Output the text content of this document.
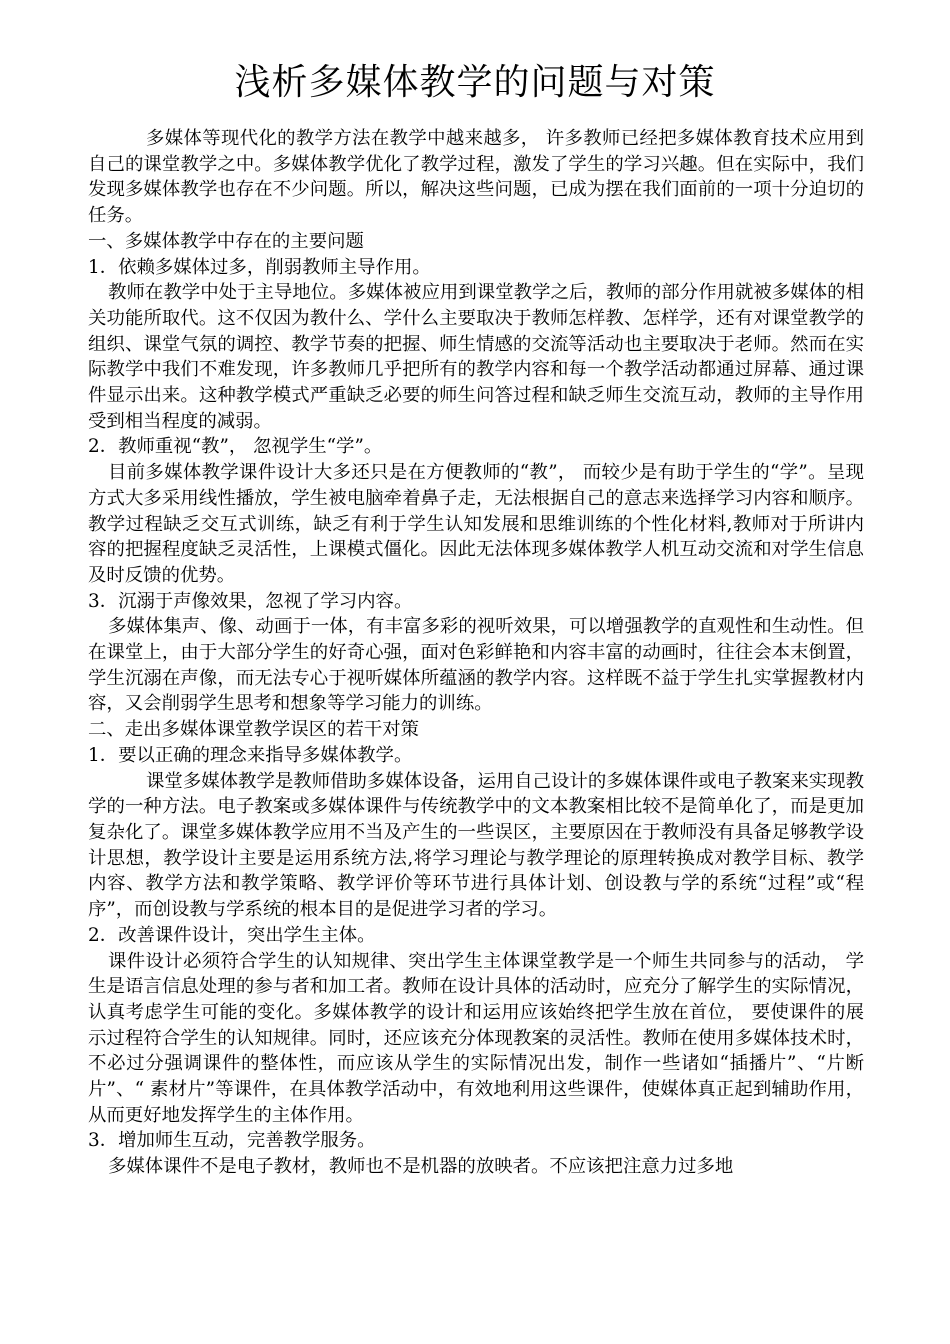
浅析多媒体教学的问题与对策

多媒体等现代化的教学方法在教学中越来越多， 许多教师已经把多媒体教育技术应用到自己的课堂教学之中。多媒体教学优化了教学过程，激发了学生的学习兴趣。但在实际中，我们发现多媒体教学也存在不少问题。所以，解决这些问题，已成为摆在我们面前的一项十分迫切的任务。

一、多媒体教学中存在的主要问题

1．依赖多媒体过多，削弱教师主导作用。

教师在教学中处于主导地位。多媒体被应用到课堂教学之后，教师的部分作用就被多媒体的相关功能所取代。这不仅因为教什么、学什么主要取决于教师怎样教、怎样学，还有对课堂教学的组织、课堂气氛的调控、教学节奏的把握、师生情感的交流等活动也主要取决于老师。然而在实际教学中我们不难发现，许多教师几乎把所有的教学内容和每一个教学活动都通过屏幕、通过课件显示出来。这种教学模式严重缺乏必要的师生问答过程和缺乏师生交流互动，教师的主导作用受到相当程度的减弱。

2．教师重视“教”， 忽视学生“学”。

目前多媒体教学课件设计大多还只是在方便教师的“教”， 而较少是有助于学生的“学”。呈现方式大多采用线性播放，学生被电脑牵着鼻子走，无法根据自己的意志来选择学习内容和顺序。教学过程缺乏交互式训练，缺乏有利于学生认知发展和思维训练的个性化材料,教师对于所讲内容的把握程度缺乏灵活性，上课模式僵化。因此无法体现多媒体教学人机互动交流和对学生信息及时反馈的优势。

3．沉溺于声像效果，忽视了学习内容。

多媒体集声、像、动画于一体，有丰富多彩的视听效果，可以增强教学的直观性和生动性。但在课堂上，由于大部分学生的好奇心强，面对色彩鲜艳和内容丰富的动画时，往往会本末倒置，学生沉溺在声像，而无法专心于视听媒体所蕴涵的教学内容。这样既不益于学生扎实掌握教材内容，又会削弱学生思考和想象等学习能力的训练。

二、走出多媒体课堂教学误区的若干对策

1．要以正确的理念来指导多媒体教学。

课堂多媒体教学是教师借助多媒体设备，运用自己设计的多媒体课件或电子教案来实现教学的一种方法。电子教案或多媒体课件与传统教学中的文本教案相比较不是简单化了，而是更加复杂化了。课堂多媒体教学应用不当及产生的一些误区，主要原因在于教师没有具备足够教学设计思想，教学设计主要是运用系统方法,将学习理论与教学理论的原理转换成对教学目标、教学内容、教学方法和教学策略、教学评价等环节进行具体计划、创设教与学的系统“过程”或“程序”，而创设教与学系统的根本目的是促进学习者的学习。

2．改善课件设计，突出学生主体。

课件设计必须符合学生的认知规律、突出学生主体课堂教学是一个师生共同参与的活动， 学生是语言信息处理的参与者和加工者。教师在设计具体的活动时，应充分了解学生的实际情况，认真考虑学生可能的变化。多媒体教学的设计和运用应该始终把学生放在首位， 要使课件的展示过程符合学生的认知规律。同时，还应该充分体现教案的灵活性。教师在使用多媒体技术时，不必过分强调课件的整体性，而应该从学生的实际情况出发，制作一些诸如“插播片”、“片断片”、“ 素材片”等课件，在具体教学活动中，有效地利用这些课件，使媒体真正起到辅助作用，从而更好地发挥学生的主体作用。

3．增加师生互动，完善教学服务。

多媒体课件不是电子教材，教师也不是机器的放映者。不应该把注意力过多地
